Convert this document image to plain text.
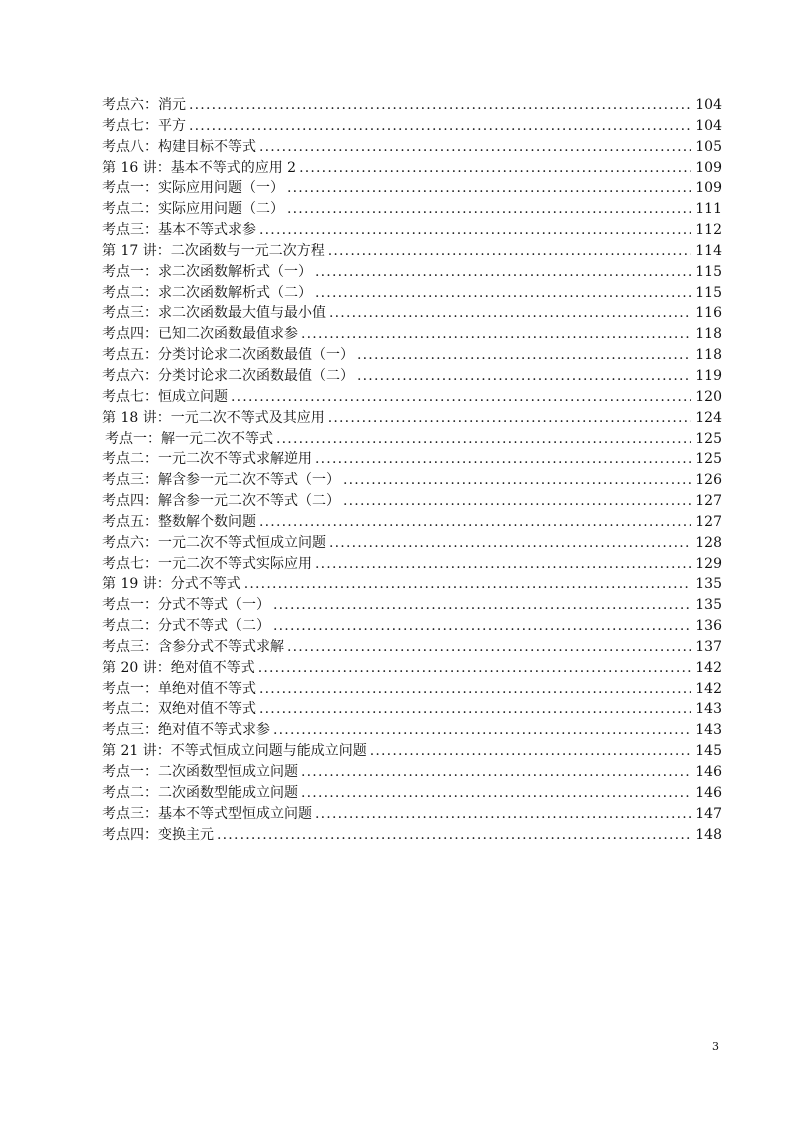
考点六：消元 .....	104
考点七：平方 .....	104
考点八：构建目标不等式 .....	105
第 16 讲：基本不等式的应用 2 .....	109
考点一：实际应用问题（一） .....	109
考点二：实际应用问题（二） .....	111
考点三：基本不等式求参 .....	112
第 17 讲：二次函数与一元二次方程 .....	114
考点一：求二次函数解析式（一） .....	115
考点二：求二次函数解析式（二） .....	115
考点三：求二次函数最大值与最小值 .....	116
考点四：已知二次函数最值求参 .....	118
考点五：分类讨论求二次函数最值（一） .....	118
考点六：分类讨论求二次函数最值（二） .....	119
考点七：恒成立问题 .....	120
第 18 讲：一元二次不等式及其应用 .....	124
考点一：解一元二次不等式 .....	125
考点二：一元二次不等式求解逆用 .....	125
考点三：解含参一元二次不等式（一） .....	126
考点四：解含参一元二次不等式（二） .....	127
考点五：整数解个数问题 .....	127
考点六：一元二次不等式恒成立问题 .....	128
考点七：一元二次不等式实际应用 .....	129
第 19 讲：分式不等式 .....	135
考点一：分式不等式（一） .....	135
考点二：分式不等式（二） .....	136
考点三：含参分式不等式求解 .....	137
第 20 讲：绝对值不等式 .....	142
考点一：单绝对值不等式 .....	142
考点二：双绝对值不等式 .....	143
考点三：绝对值不等式求参 .....	143
第 21 讲：不等式恒成立问题与能成立问题 .....	145
考点一：二次函数型恒成立问题 .....	146
考点二：二次函数型能成立问题 .....	146
考点三：基本不等式型恒成立问题 .....	147
考点四：变换主元 .....	148
3
